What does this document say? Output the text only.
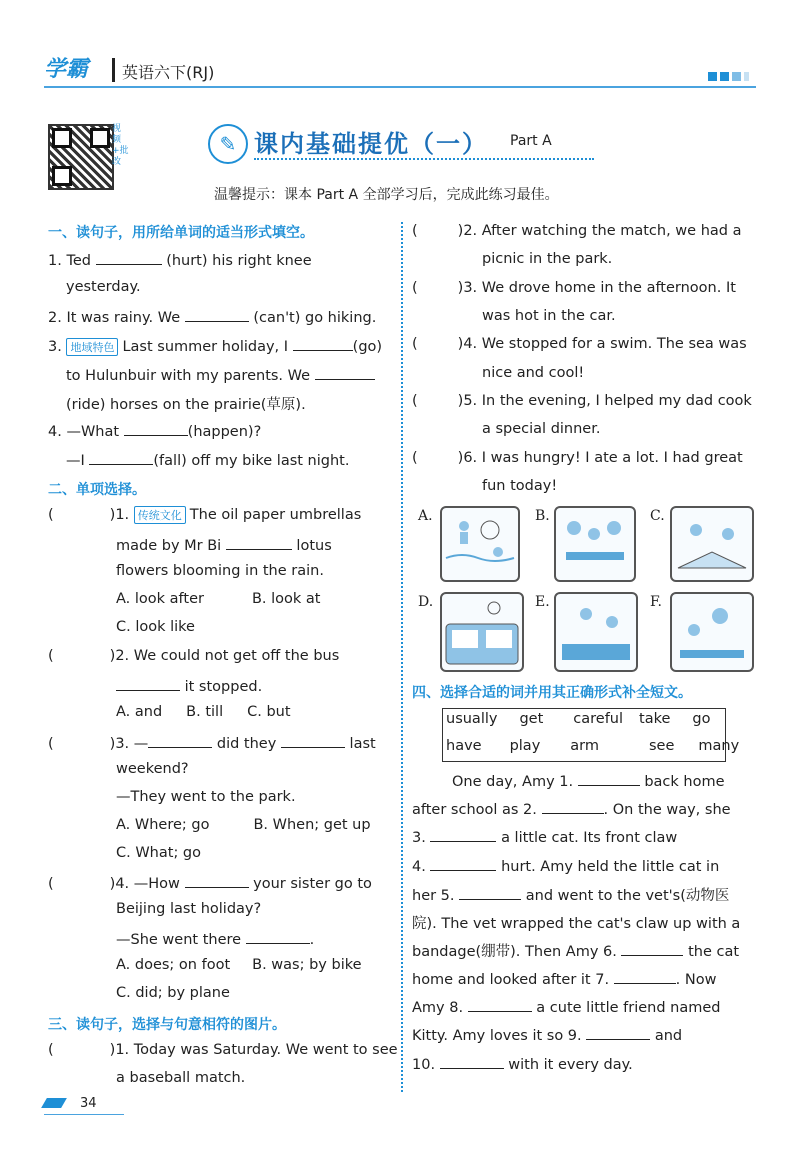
学霸 英语六下(RJ)
视频+批改
✎ 课内基础提优（一） Part A
温馨提示：课本 Part A 全部学习后，完成此练习最佳。
一、读句子，用所给单词的适当形式填空。
1. Ted	(hurt) his right knee
yesterday.
2. It was rainy. We	(can't) go hiking.
3. 地域特色 Last summer holiday, I	(go)
to Hulunbuir with my parents. We
(ride) horses on the prairie(草原).
4. —What	(happen)?
—I	(fall) off my bike last night.
二、单项选择。
(	)1. 传统文化 The oil paper umbrellas
made by Mr Bi	lotus
flowers blooming in the rain.
A. look after	B. look at
C. look like
(	)2. We could not get off the bus
it stopped.
A. and B. till C. but
(	)3. —	did they	last
weekend?
—They went to the park.
A. Where; go	B. When; get up
C. What; go
(	)4. —How	your sister go to
Beijing last holiday?
—She went there	.
A. does; on foot B. was; by bike
C. did; by plane
三、读句子，选择与句意相符的图片。
(	)1. Today was Saturday. We went to see
a baseball match.
(	)2. After watching the match, we had a
picnic in the park.
(	)3. We drove home in the afternoon. It
was hot in the car.
(	)4. We stopped for a swim. The sea was
nice and cool!
(	)5. In the evening, I helped my dad cook
a special dinner.
(	)6. I was hungry! I ate a lot. I had great
fun today!
A.	B.	C.
D.	E.	F.
四、选择合适的词并用其正确形式补全短文。
usually get careful take go
have play arm	see many
One day, Amy 1.	back home
after school as 2.	. On the way, she
3.	a little cat. Its front claw
4.	hurt. Amy held the little cat in
her 5.	and went to the vet's(动物医
院). The vet wrapped the cat's claw up with a
bandage(绷带). Then Amy 6.	the cat
home and looked after it 7.	. Now
Amy 8.	a cute little friend named
Kitty. Amy loves it so 9.	and
10.	with it every day.
34
